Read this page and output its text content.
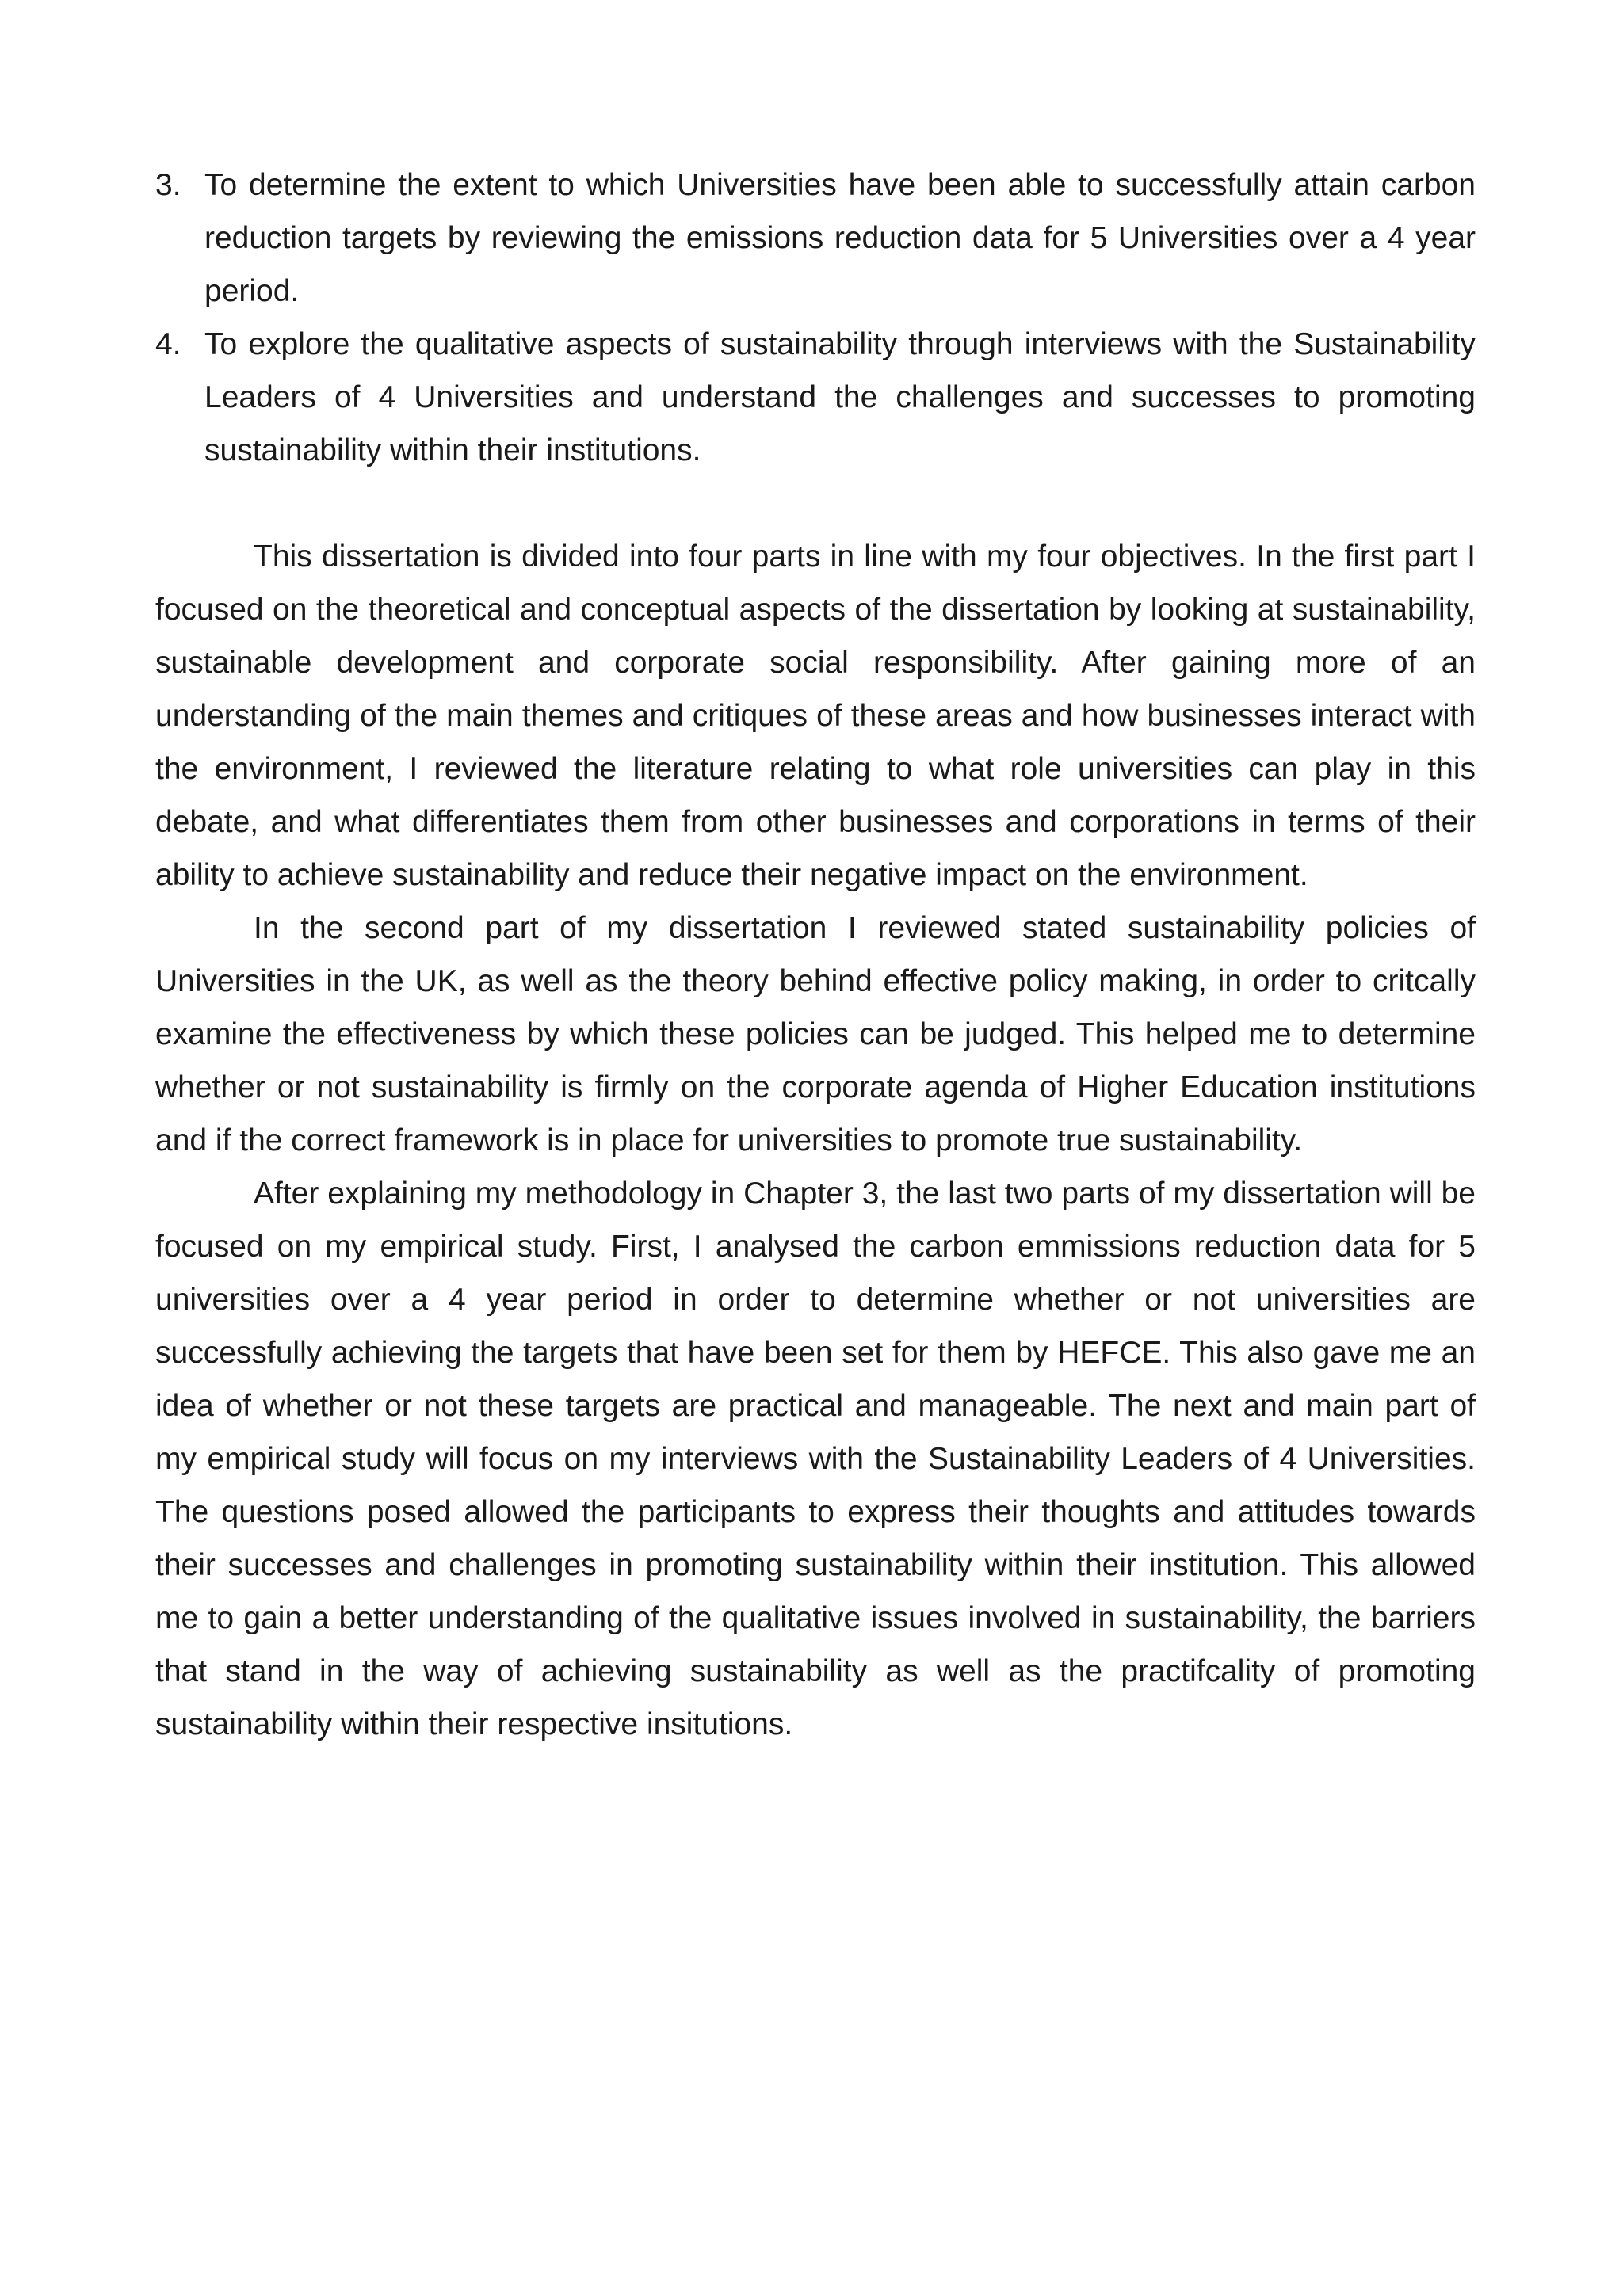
3. To determine the extent to which Universities have been able to successfully attain carbon reduction targets by reviewing the emissions reduction data for 5 Universities over a 4 year period.
4. To explore the qualitative aspects of sustainability through interviews with the Sustainability Leaders of 4 Universities and understand the challenges and successes to promoting sustainability within their institutions.

This dissertation is divided into four parts in line with my four objectives. In the first part I focused on the theoretical and conceptual aspects of the dissertation by looking at sustainability, sustainable development and corporate social responsibility. After gaining more of an understanding of the main themes and critiques of these areas and how businesses interact with the environment, I reviewed the literature relating to what role universities can play in this debate, and what differentiates them from other businesses and corporations in terms of their ability to achieve sustainability and reduce their negative impact on the environment.

In the second part of my dissertation I reviewed stated sustainability policies of Universities in the UK, as well as the theory behind effective policy making, in order to critcally examine the effectiveness by which these policies can be judged. This helped me to determine whether or not sustainability is firmly on the corporate agenda of Higher Education institutions and if the correct framework is in place for universities to promote true sustainability.

After explaining my methodology in Chapter 3, the last two parts of my dissertation will be focused on my empirical study. First, I analysed the carbon emmissions reduction data for 5 universities over a 4 year period in order to determine whether or not universities are successfully achieving the targets that have been set for them by HEFCE. This also gave me an idea of whether or not these targets are practical and manageable. The next and main part of my empirical study will focus on my interviews with the Sustainability Leaders of 4 Universities. The questions posed allowed the participants to express their thoughts and attitudes towards their successes and challenges in promoting sustainability within their institution. This allowed me to gain a better understanding of the qualitative issues involved in sustainability, the barriers that stand in the way of achieving sustainability as well as the practifcality of promoting sustainability within their respective insitutions.
